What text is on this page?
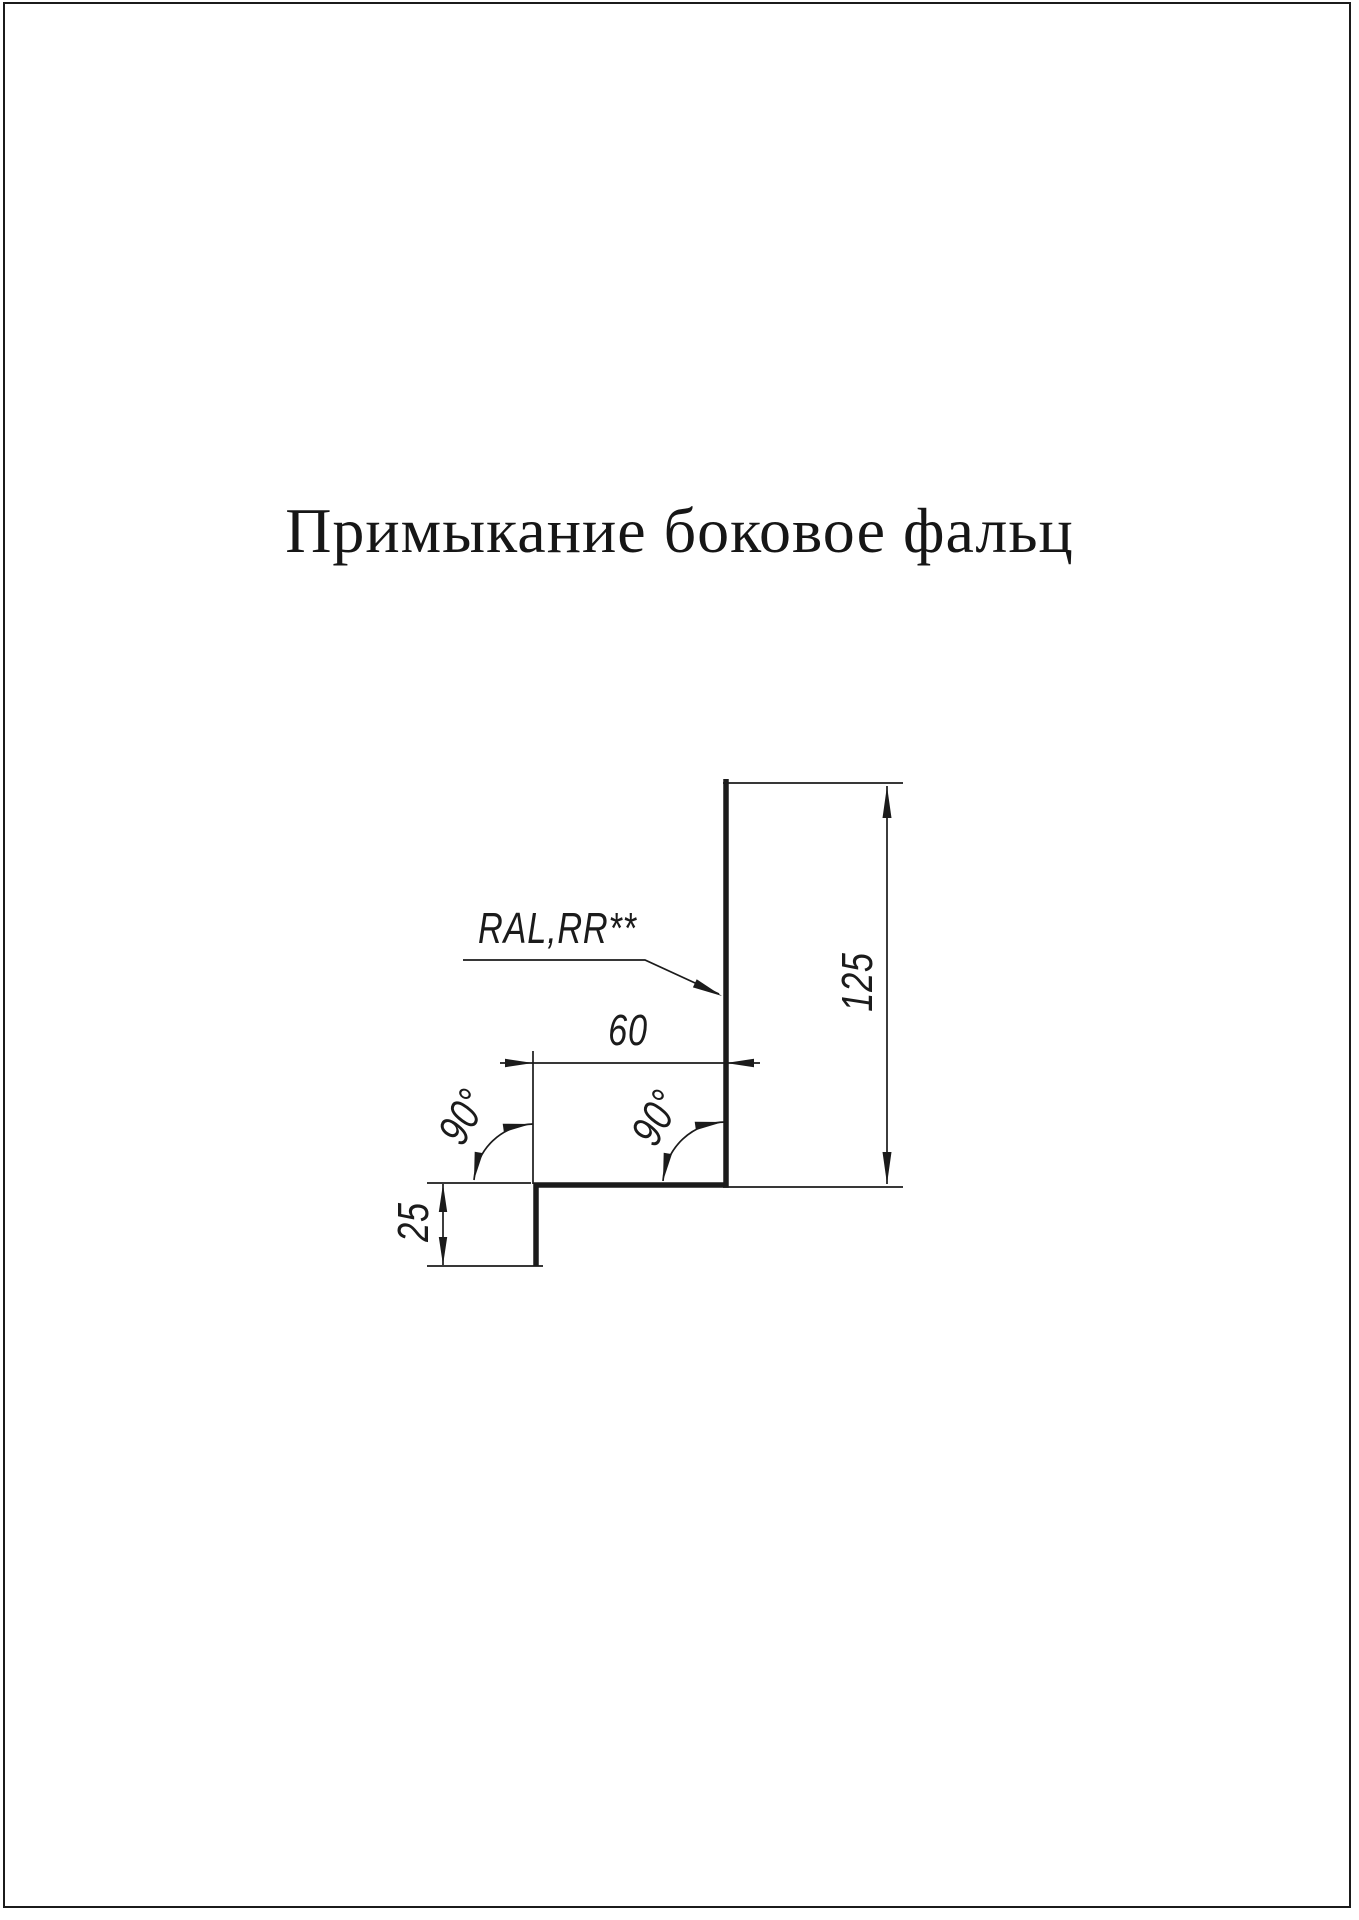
Примыкание боковое фальц
RAL,RR**
125
60
25
90°	90°
